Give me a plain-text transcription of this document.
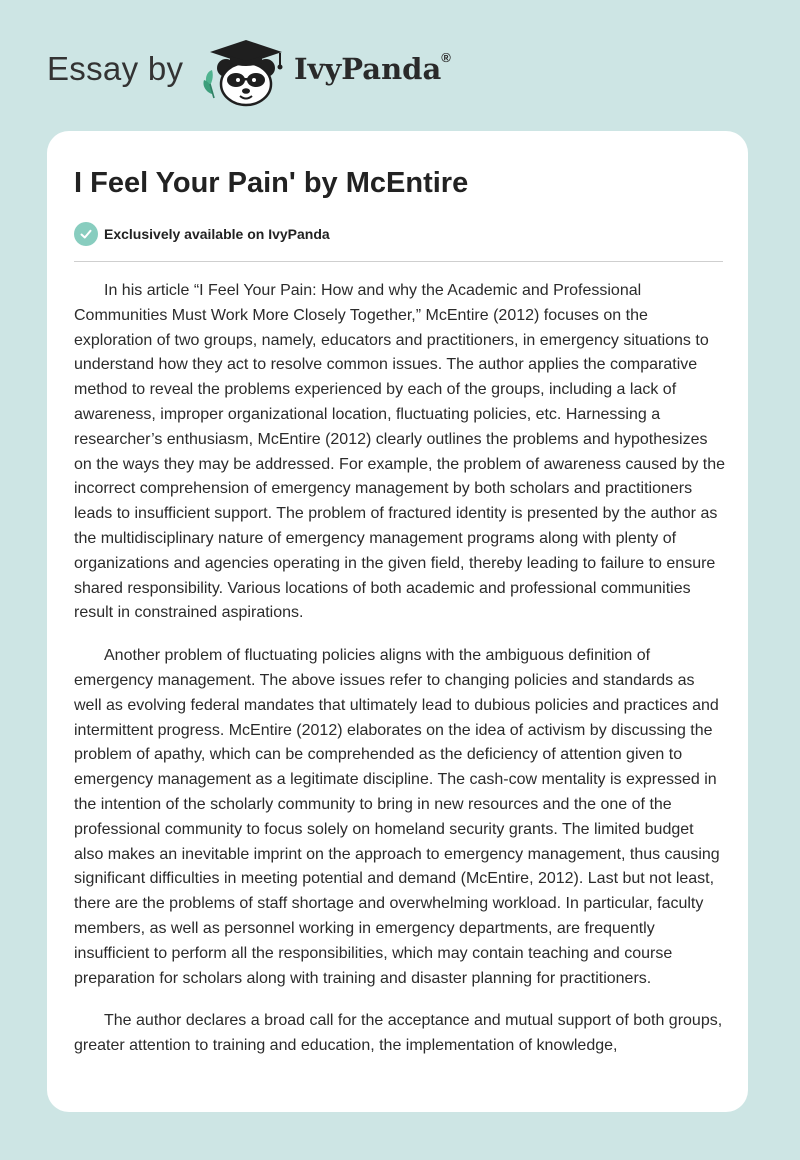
Essay by	IvyPanda®
I Feel Your Pain' by McEntire
Exclusively available on IvyPanda

In his article “I Feel Your Pain: How and why the Academic and Professional Communities Must Work More Closely Together,” McEntire (2012) focuses on the exploration of two groups, namely, educators and practitioners, in emergency situations to understand how they act to resolve common issues. The author applies the comparative method to reveal the problems experienced by each of the groups, including a lack of awareness, improper organizational location, fluctuating policies, etc. Harnessing a researcher’s enthusiasm, McEntire (2012) clearly outlines the problems and hypothesizes on the ways they may be addressed. For example, the problem of awareness caused by the incorrect comprehension of emergency management by both scholars and practitioners leads to insufficient support. The problem of fractured identity is presented by the author as the multidisciplinary nature of emergency management programs along with plenty of organizations and agencies operating in the given field, thereby leading to failure to ensure shared responsibility. Various locations of both academic and professional communities result in constrained aspirations.

Another problem of fluctuating policies aligns with the ambiguous definition of emergency management. The above issues refer to changing policies and standards as well as evolving federal mandates that ultimately lead to dubious policies and practices and intermittent progress. McEntire (2012) elaborates on the idea of activism by discussing the problem of apathy, which can be comprehended as the deficiency of attention given to emergency management as a legitimate discipline. The cash-cow mentality is expressed in the intention of the scholarly community to bring in new resources and the one of the professional community to focus solely on homeland security grants. The limited budget also makes an inevitable imprint on the approach to emergency management, thus causing significant difficulties in meeting potential and demand (McEntire, 2012). Last but not least, there are the problems of staff shortage and overwhelming workload. In particular, faculty members, as well as personnel working in emergency departments, are frequently insufficient to perform all the responsibilities, which may contain teaching and course preparation for scholars along with training and disaster planning for practitioners.

The author declares a broad call for the acceptance and mutual support of both groups, greater attention to training and education, the implementation of knowledge,
